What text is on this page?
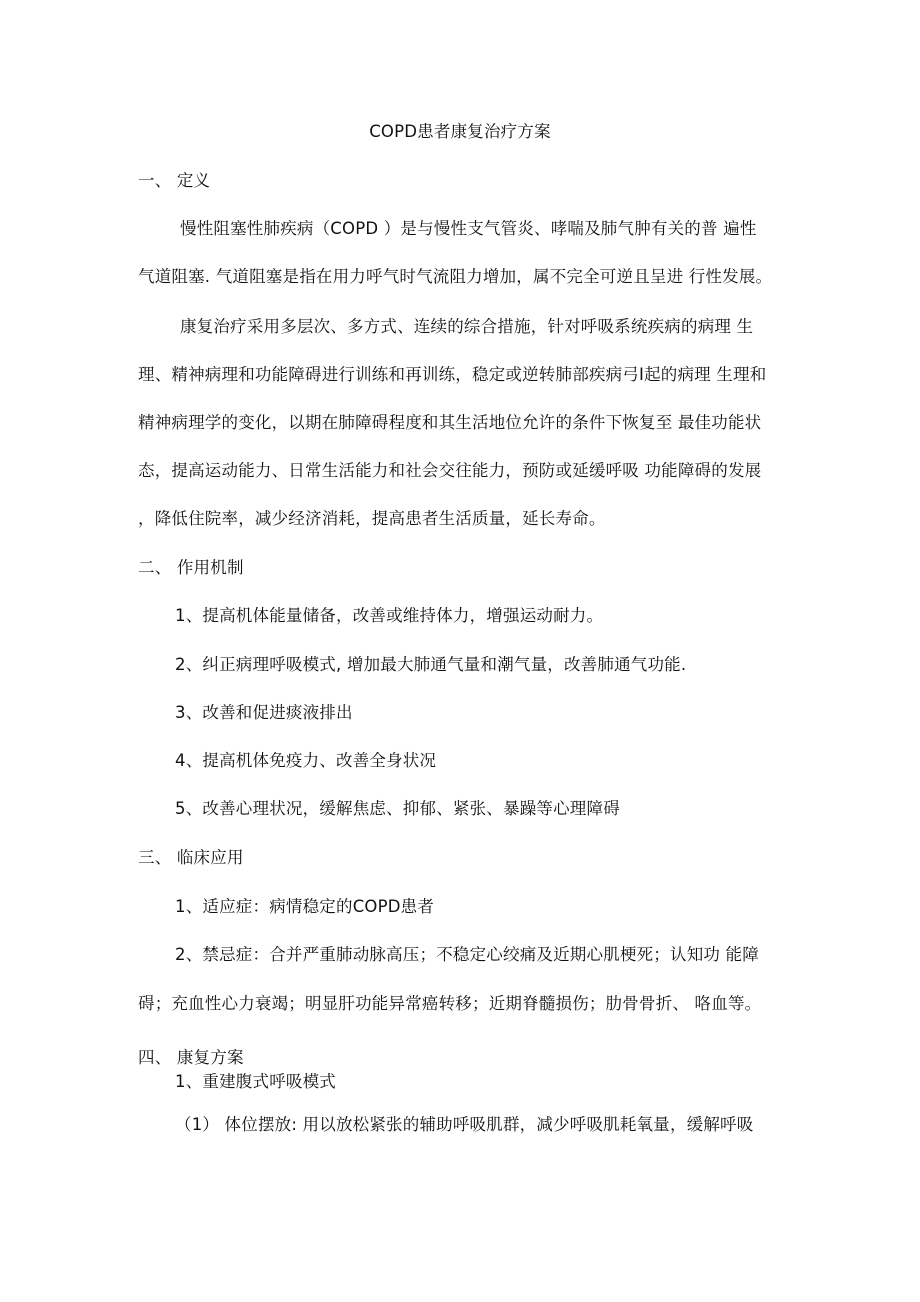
COPD患者康复治疗方案
一、 定义
慢性阻塞性肺疾病（COPD ）是与慢性支气管炎、哮喘及肺气肿有关的普 遍性
气道阻塞. 气道阻塞是指在用力呼气时气流阻力增加，属不完全可逆且呈进 行性发展。
康复治疗采用多层次、多方式、连续的综合措施，针对呼吸系统疾病的病理 生
理、精神病理和功能障碍进行训练和再训练，稳定或逆转肺部疾病弓I起的病理 生理和
精神病理学的变化，以期在肺障碍程度和其生活地位允许的条件下恢复至 最佳功能状
态，提高运动能力、日常生活能力和社会交往能力，预防或延缓呼吸 功能障碍的发展
，降低住院率，减少经济消耗，提高患者生活质量，延长寿命。
二、 作用机制
1、提高机体能量储备，改善或维持体力，增强运动耐力。
2、纠正病理呼吸模式, 增加最大肺通气量和潮气量，改善肺通气功能.
3、改善和促进痰液排出
4、提高机体免疫力、改善全身状况
5、改善心理状况，缓解焦虑、抑郁、紧张、暴躁等心理障碍
三、 临床应用
1、适应症：病情稳定的COPD患者
2、禁忌症：合并严重肺动脉高压；不稳定心绞痛及近期心肌梗死；认知功 能障
碍；充血性心力衰竭；明显肝功能异常癌转移；近期脊髓损伤；肋骨骨折、 咯血等。
四、 康复方案
1、重建腹式呼吸模式
（1） 体位摆放: 用以放松紧张的辅助呼吸肌群，减少呼吸肌耗氧量，缓解呼吸
